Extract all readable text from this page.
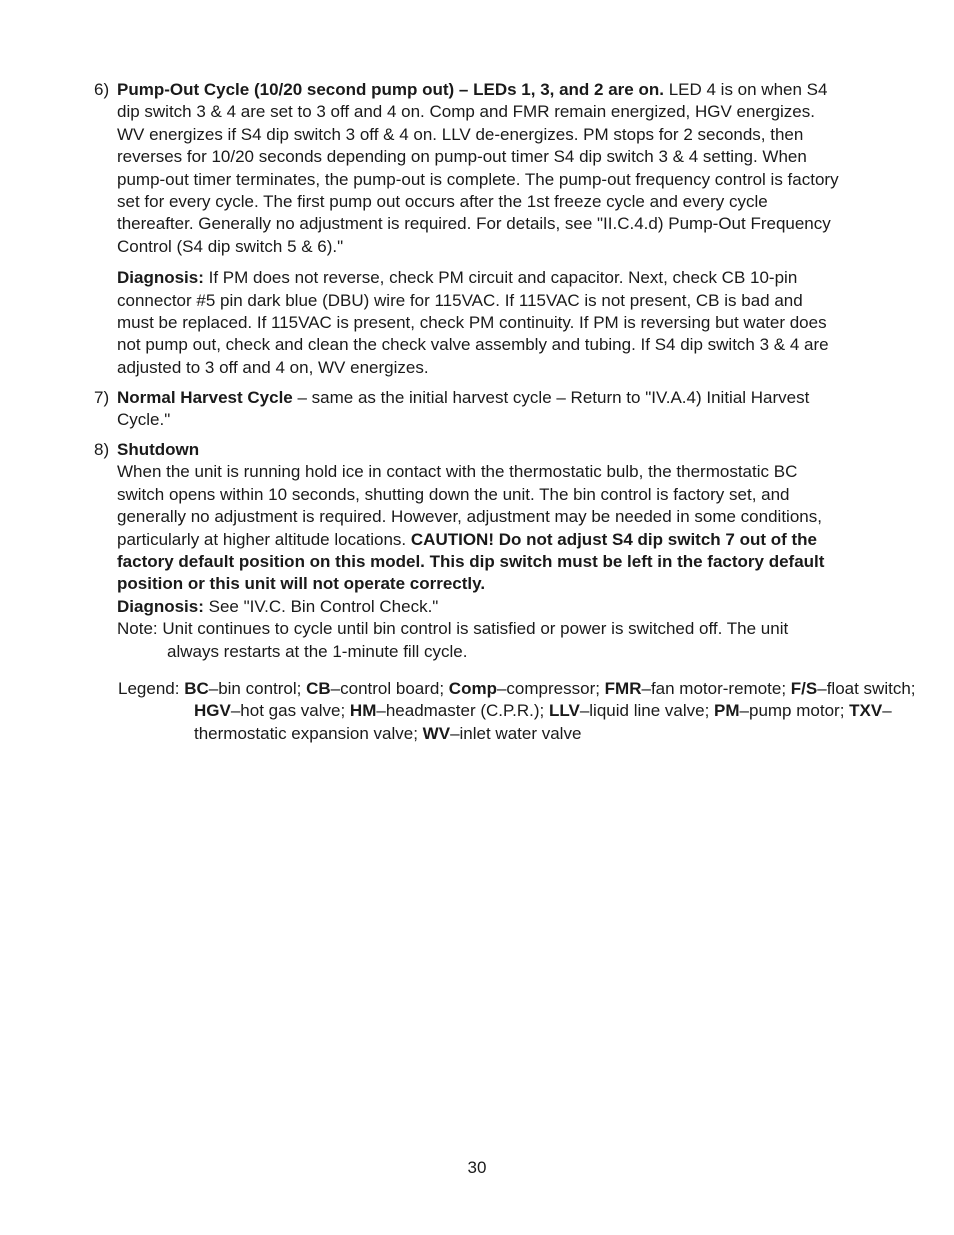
6) Pump-Out Cycle (10/20 second pump out) – LEDs 1, 3, and 2 are on. LED 4 is on when S4 dip switch 3 & 4 are set to 3 off and 4 on. Comp and FMR remain energized, HGV energizes. WV energizes if S4 dip switch 3 off & 4 on. LLV de-energizes. PM stops for 2 seconds, then reverses for 10/20 seconds depending on pump-out timer S4 dip switch 3 & 4 setting. When pump-out timer terminates, the pump-out is complete. The pump-out frequency control is factory set for every cycle. The first pump out occurs after the 1st freeze cycle and every cycle thereafter. Generally no adjustment is required. For details, see "II.C.4.d) Pump-Out Frequency Control (S4 dip switch 5 & 6)."
Diagnosis: If PM does not reverse, check PM circuit and capacitor. Next, check CB 10-pin connector #5 pin dark blue (DBU) wire for 115VAC. If 115VAC is not present, CB is bad and must be replaced. If 115VAC is present, check PM continuity. If PM is reversing but water does not pump out, check and clean the check valve assembly and tubing. If S4 dip switch 3 & 4 are adjusted to 3 off and 4 on, WV energizes.
7) Normal Harvest Cycle – same as the initial harvest cycle – Return to "IV.A.4) Initial Harvest Cycle."
8) Shutdown
When the unit is running hold ice in contact with the thermostatic bulb, the thermostatic BC switch opens within 10 seconds, shutting down the unit. The bin control is factory set, and generally no adjustment is required. However, adjustment may be needed in some conditions, particularly at higher altitude locations. CAUTION! Do not adjust S4 dip switch 7 out of the factory default position on this model. This dip switch must be left in the factory default position or this unit will not operate correctly.
Diagnosis: See "IV.C. Bin Control Check."
Note: Unit continues to cycle until bin control is satisfied or power is switched off. The unit always restarts at the 1-minute fill cycle.
Legend: BC–bin control; CB–control board; Comp–compressor; FMR–fan motor-remote; F/S–float switch; HGV–hot gas valve; HM–headmaster (C.P.R.); LLV–liquid line valve; PM–pump motor; TXV–thermostatic expansion valve; WV–inlet water valve
30
